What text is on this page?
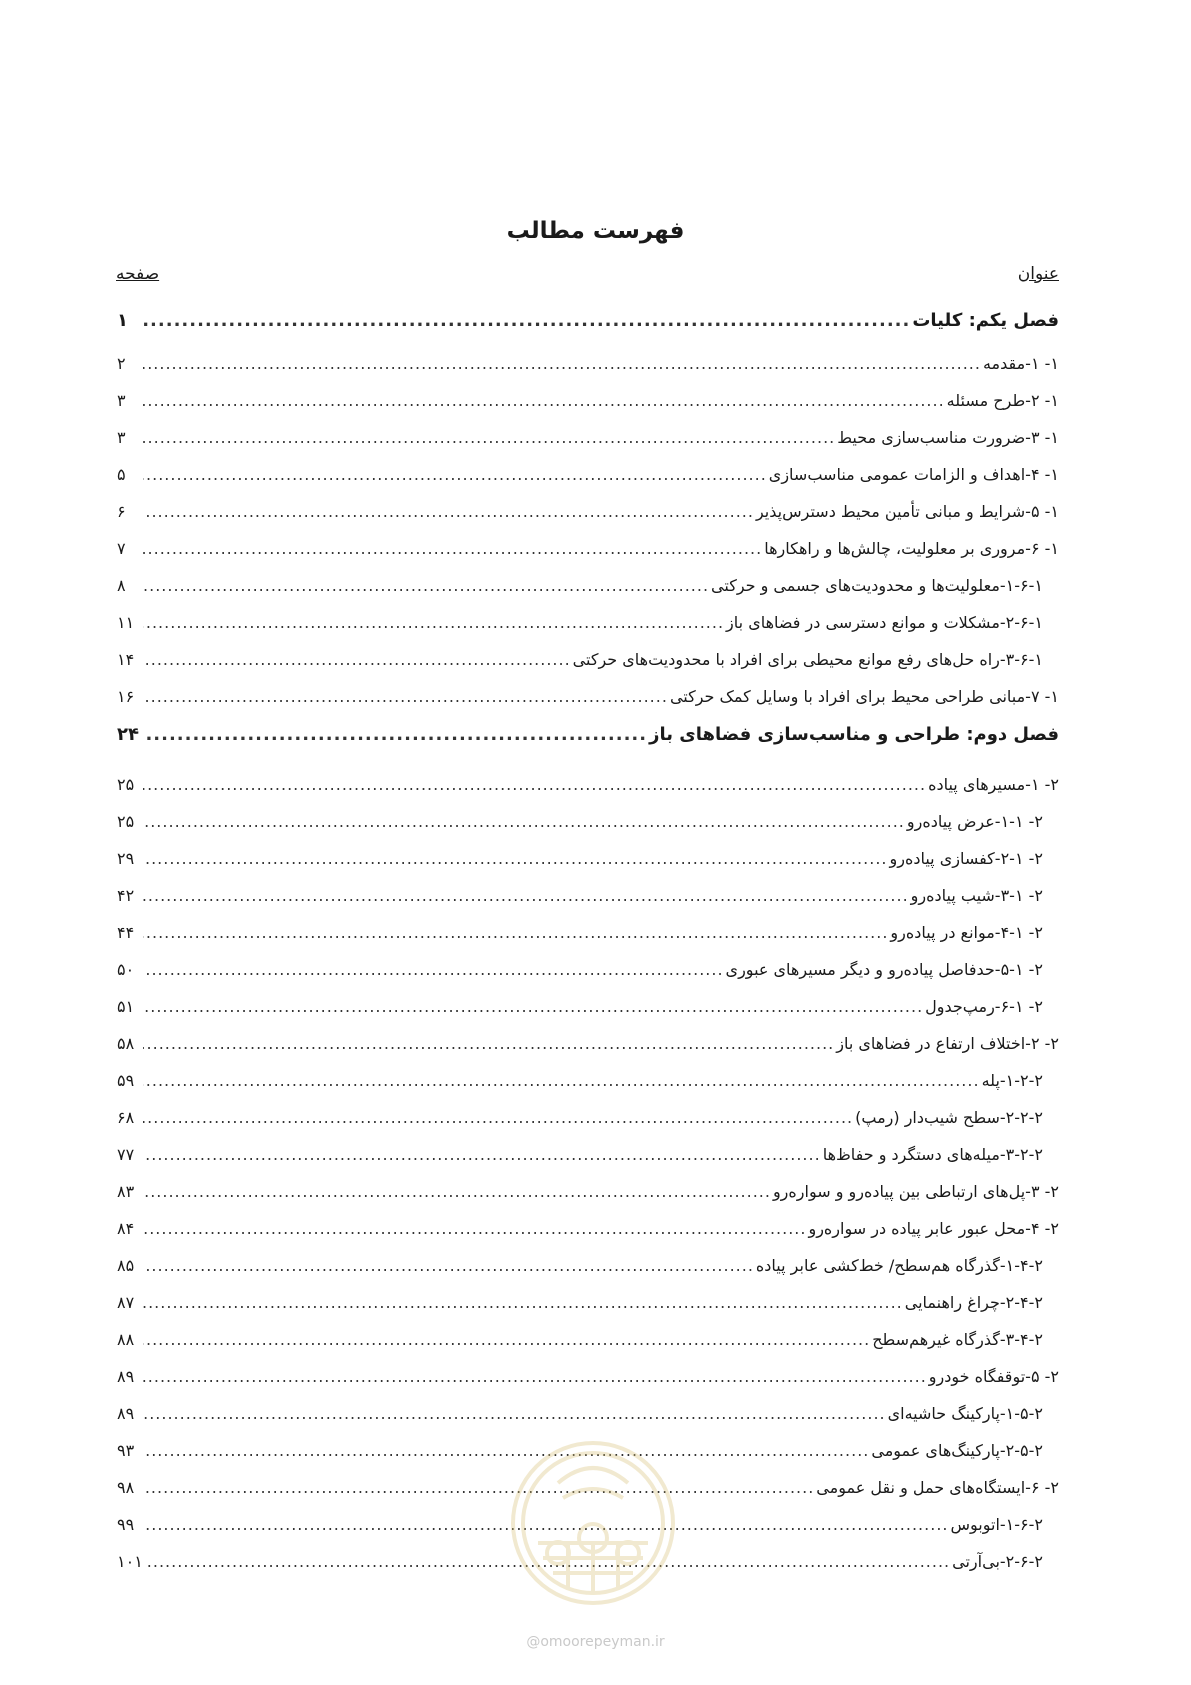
فهرست مطالب
عنوان
صفحه
فصل یکم: کلیات
.....
۱
۱- ۱-مقدمه
.....
۲
۱- ۲-طرح مسئله
.....
۳
۱- ۳-ضرورت مناسب‌سازی محیط
.....
۳
۱- ۴-اهداف و الزامات عمومی مناسب‌سازی
.....
۵
۱- ۵-شرایط و مبانی تأمین محیط دسترس‌پذیر
.....
۶
۱- ۶-مروری بر معلولیت، چالش‌ها و راهکارها
.....
۷
۱-۶-۱-معلولیت‌ها و محدودیت‌های جسمی و حرکتی
.....
۸
۲-۶-۱-مشکلات و موانع دسترسی در فضاهای باز
.....
۱۱
۳-۶-۱-راه حل‌های رفع موانع محیطی برای افراد با محدودیت‌های حرکتی
.....
۱۴
۱- ۷-مبانی طراحی محیط برای افراد با وسایل کمک حرکتی
.....
۱۶
فصل دوم: طراحی و مناسب‌سازی فضاهای باز
.....
۲۴
۲- ۱-مسیرهای پیاده
.....
۲۵
۲- ۱-۱-عرض پیاده‌رو
.....
۲۵
۲- ۲-۱-کفسازی پیاده‌رو
.....
۲۹
۲- ۳-۱-شیب پیاده‌رو
.....
۴۲
۲- ۴-۱-موانع در پیاده‌رو
.....
۴۴
۲- ۵-۱-حدفاصل پیاده‌رو و دیگر مسیرهای عبوری
.....
۵۰
۲- ۶-۱-رمپ‌جدول
.....
۵۱
۲- ۲-اختلاف ارتفاع در فضاهای باز
.....
۵۸
۱-۲-۲-پله
.....
۵۹
۲-۲-۲-سطح شیب‌دار (رمپ)
.....
۶۸
۳-۲-۲-میله‌های دستگرد و حفاظ‌ها
.....
۷۷
۲- ۳-پل‌های ارتباطی بین پیاده‌رو و سواره‌رو
.....
۸۳
۲- ۴-محل عبور عابر پیاده در سواره‌رو
.....
۸۴
۱-۴-۲-گذرگاه هم‌سطح/ خط‌کشی عابر پیاده
.....
۸۵
۲-۴-۲-چراغ راهنمایی
.....
۸۷
۳-۴-۲-گذرگاه غیرهم‌سطح
.....
۸۸
۲- ۵-توقفگاه خودرو
.....
۸۹
۱-۵-۲-پارکینگ حاشیه‌ای
.....
۸۹
۲-۵-۲-پارکینگ‌های عمومی
.....
۹۳
۲- ۶-ایستگاه‌های حمل و نقل عمومی
.....
۹۸
۱-۶-۲-اتوبوس
.....
۹۹
۲-۶-۲-بی‌آر‌تی
.....
۱۰۱
@omoorepeyman.ir
